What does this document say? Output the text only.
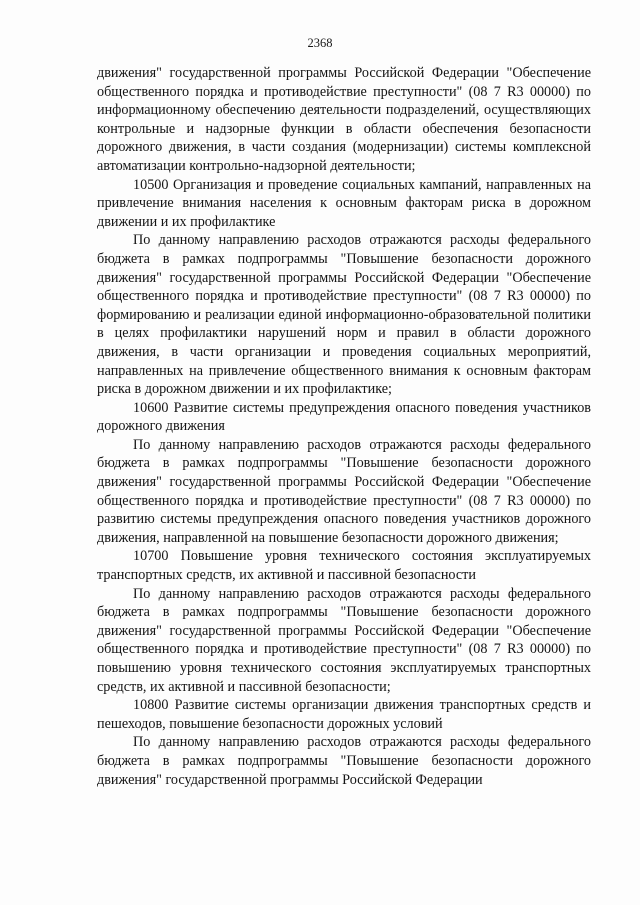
2368

движения" государственной программы Российской Федерации "Обеспечение общественного порядка и противодействие преступности" (08 7 R3 00000) по информационному обеспечению деятельности подразделений, осуществляющих контрольные и надзорные функции в области обеспечения безопасности дорожного движения, в части создания (модернизации) системы комплексной автоматизации контрольно-надзорной деятельности;

10500 Организация и проведение социальных кампаний, направленных на привлечение внимания населения к основным факторам риска в дорожном движении и их профилактике

По данному направлению расходов отражаются расходы федерального бюджета в рамках подпрограммы "Повышение безопасности дорожного движения" государственной программы Российской Федерации "Обеспечение общественного порядка и противодействие преступности" (08 7 R3 00000) по формированию и реализации единой информационно-образовательной политики в целях профилактики нарушений норм и правил в области дорожного движения, в части организации и проведения социальных мероприятий, направленных на привлечение общественного внимания к основным факторам риска в дорожном движении и их профилактике;

10600 Развитие системы предупреждения опасного поведения участников дорожного движения

По данному направлению расходов отражаются расходы федерального бюджета в рамках подпрограммы "Повышение безопасности дорожного движения" государственной программы Российской Федерации "Обеспечение общественного порядка и противодействие преступности" (08 7 R3 00000) по развитию системы предупреждения опасного поведения участников дорожного движения, направленной на повышение безопасности дорожного движения;

10700 Повышение уровня технического состояния эксплуатируемых транспортных средств, их активной и пассивной безопасности

По данному направлению расходов отражаются расходы федерального бюджета в рамках подпрограммы "Повышение безопасности дорожного движения" государственной программы Российской Федерации "Обеспечение общественного порядка и противодействие преступности" (08 7 R3 00000) по повышению уровня технического состояния эксплуатируемых транспортных средств, их активной и пассивной безопасности;

10800 Развитие системы организации движения транспортных средств и пешеходов, повышение безопасности дорожных условий

По данному направлению расходов отражаются расходы федерального бюджета в рамках подпрограммы "Повышение безопасности дорожного движения" государственной программы Российской Федерации
